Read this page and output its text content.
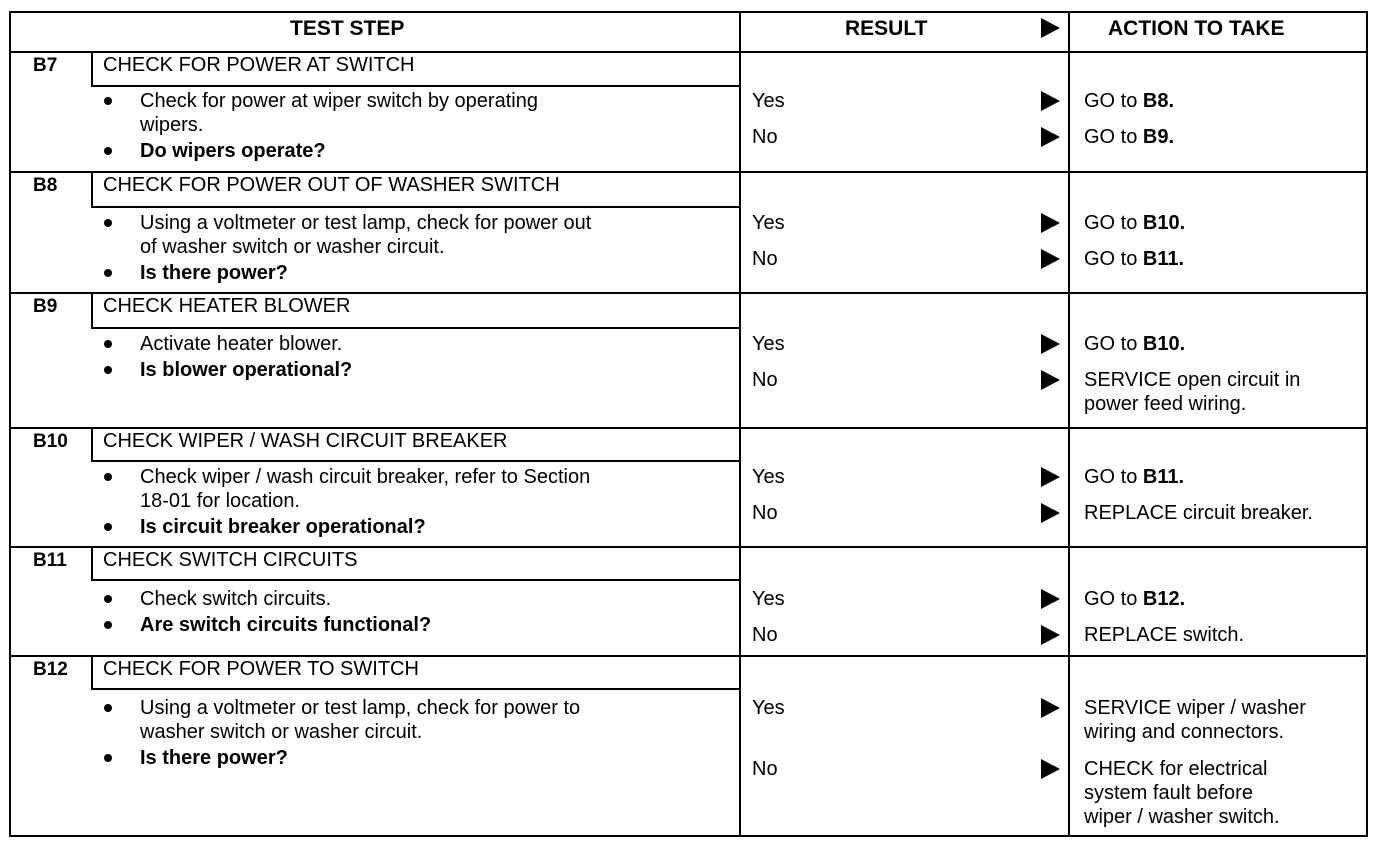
TEST STEP	RESULT	ACTION TO TAKE
B7 CHECK FOR POWER AT SWITCH
Check for power at wiper switch by operating
wipers.
Do wipers operate?
Yes	GO to B8.
No	GO to B9.
B8 CHECK FOR POWER OUT OF WASHER SWITCH
Using a voltmeter or test lamp, check for power out
of washer switch or washer circuit.
Is there power?
Yes	GO to B10.
No	GO to B11.
B9 CHECK HEATER BLOWER
Activate heater blower.
Is blower operational?
Yes	GO to B10.
No	SERVICE open circuit in
power feed wiring.
B10 CHECK WIPER / WASH CIRCUIT BREAKER
Check wiper / wash circuit breaker, refer to Section
18-01 for location.
Is circuit breaker operational?
Yes	GO to B11.
No	REPLACE circuit breaker.
B11 CHECK SWITCH CIRCUITS
Check switch circuits.
Are switch circuits functional?
Yes	GO to B12.
No	REPLACE switch.
B12 CHECK FOR POWER TO SWITCH
Using a voltmeter or test lamp, check for power to
washer switch or washer circuit.
Is there power?
Yes	SERVICE wiper / washer
wiring and connectors.
No	CHECK for electrical
system fault before
wiper / washer switch.
